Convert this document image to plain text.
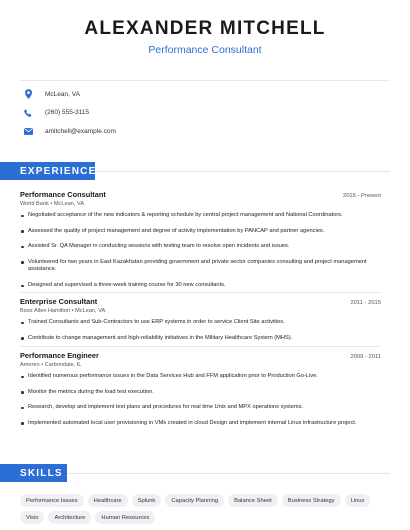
ALEXANDER MITCHELL
Performance Consultant
McLean, VA
(260) 555-3115
amitchell@example.com
EXPERIENCE
Performance Consultant	2015 - Present
World Bank • McLean, VA
Negotiated acceptance of the new indicators & reporting schedule by central project management and National Coordinators.
Assessed the quality of project management and degree of activity implementation by PANCAP and partner agencies.
Assisted Sr. QA Manager in conducting sessions with testing team to resolve open incidents and issues.
Volunteered for two years in East Kazakhstan providing government and private sector companies consulting and project management assistance.
Designed and supervised a three-week training course for 30 new consultants.
Enterprise Consultant	2011 - 2015
Booz Allen Hamilton • McLean, VA
Trained Consultants and Sub-Contractors to use ERP systems in order to service Client Site activities.
Contribute to change management and high-reliability initiatives in the Military Healthcare System (MHS).
Performance Engineer	2009 - 2011
Ameren • Carbondale, IL
Identified numerous performance issues in the Data Services Hub and FFM application prior to Production Go-Live.
Monitor the metrics during the load test execution.
Research, develop and implement test plans and procedures for real time Unix and MPX operations systems.
Implemented automated local user provisioning in VMs created in cloud Design and implement internal Linux infrastructure project.
SKILLS
Performance Issues	Healthcare	Splunk	Capacity Planning	Balance Sheet	Business Strategy	Linux
Visio	Architecture	Human Resources
